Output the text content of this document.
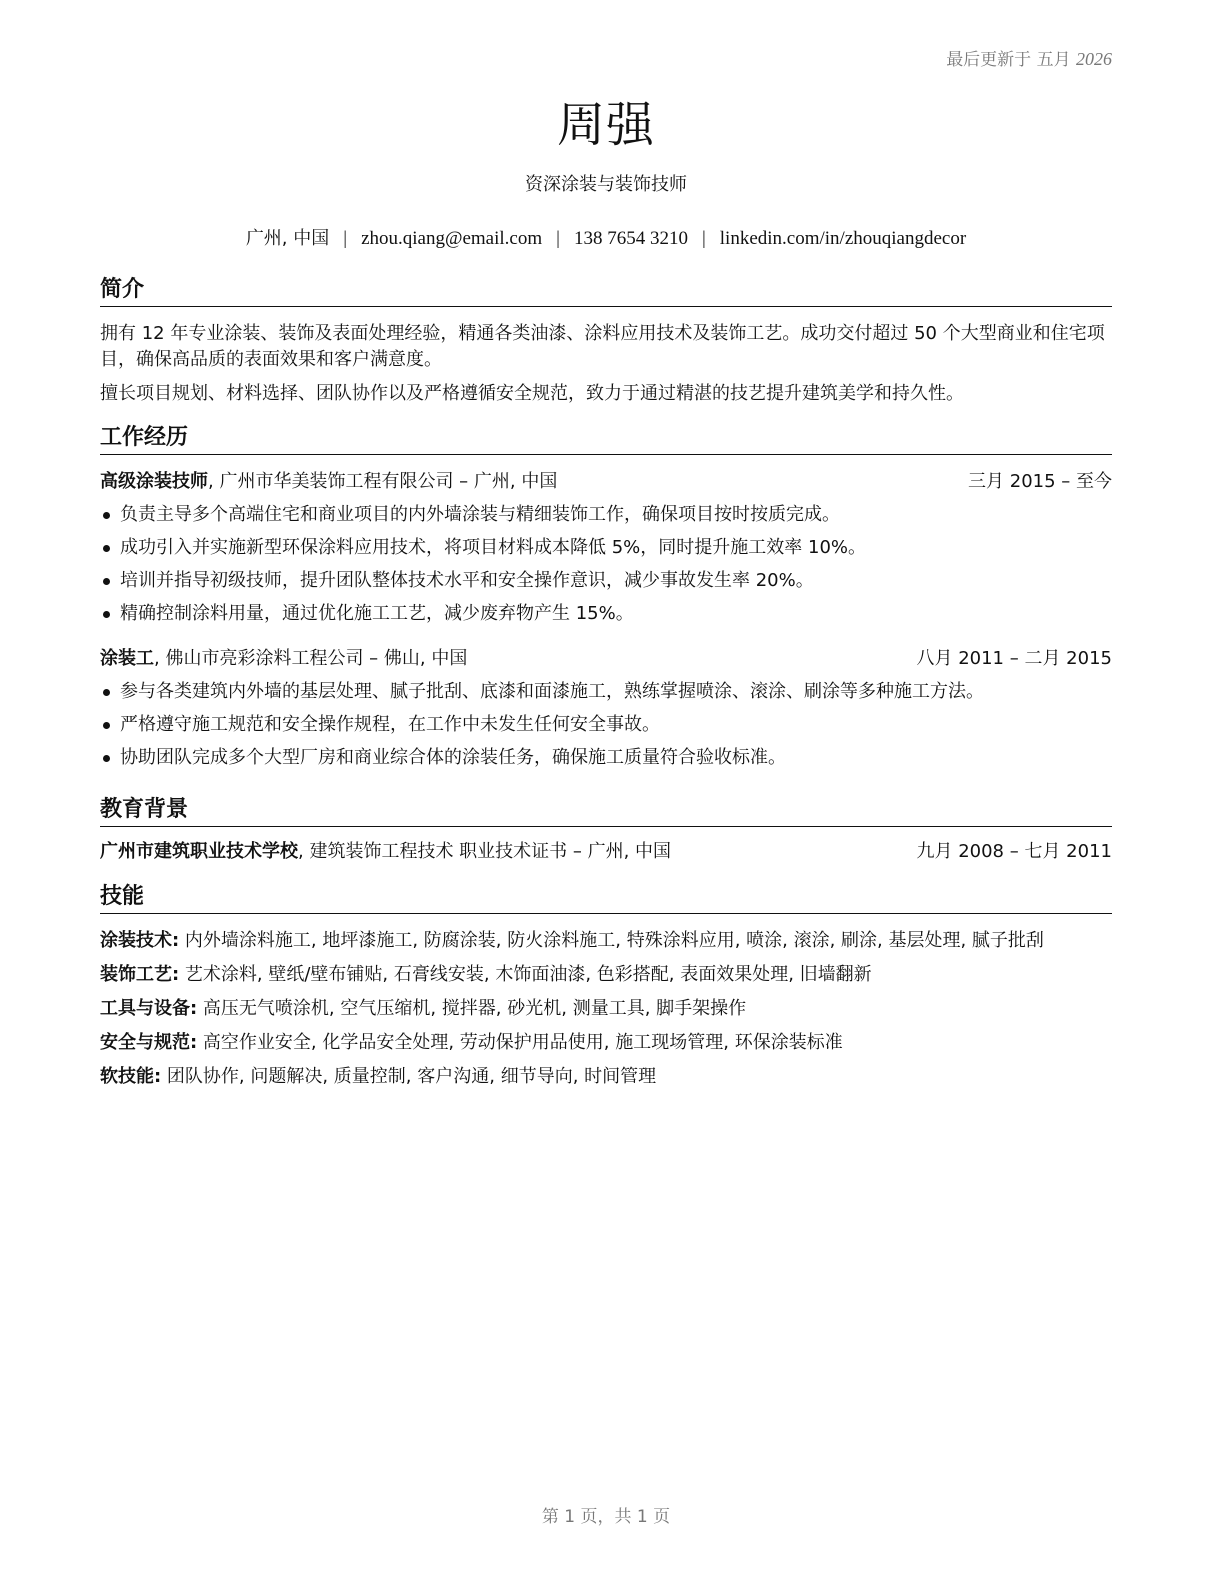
最后更新于 五月 2026
周强
资深涂装与装饰技师
广州, 中国 | zhou.qiang@email.com | 138 7654 3210 | linkedin.com/in/zhouqiangdecor
简介

拥有 12 年专业涂装、装饰及表面处理经验，精通各类油漆、涂料应用技术及装饰工艺。成功交付超过 50 个大型商业和住宅项目，确保高品质的表面效果和客户满意度。

擅长项目规划、材料选择、团队协作以及严格遵循安全规范，致力于通过精湛的技艺提升建筑美学和持久性。

工作经历
高级涂装技师, 广州市华美装饰工程有限公司 – 广州, 中国	三月 2015 – 至今
负责主导多个高端住宅和商业项目的内外墙涂装与精细装饰工作，确保项目按时按质完成。
成功引入并实施新型环保涂料应用技术，将项目材料成本降低 5%，同时提升施工效率 10%。
培训并指导初级技师，提升团队整体技术水平和安全操作意识，减少事故发生率 20%。
精确控制涂料用量，通过优化施工工艺，减少废弃物产生 15%。
涂装工, 佛山市亮彩涂料工程公司 – 佛山, 中国	八月 2011 – 二月 2015
参与各类建筑内外墙的基层处理、腻子批刮、底漆和面漆施工，熟练掌握喷涂、滚涂、刷涂等多种施工方法。
严格遵守施工规范和安全操作规程，在工作中未发生任何安全事故。
协助团队完成多个大型厂房和商业综合体的涂装任务，确保施工质量符合验收标准。
教育背景
广州市建筑职业技术学校, 建筑装饰工程技术 职业技术证书 – 广州, 中国	九月 2008 – 七月 2011
技能
涂装技术: 内外墙涂料施工, 地坪漆施工, 防腐涂装, 防火涂料施工, 特殊涂料应用, 喷涂, 滚涂, 刷涂, 基层处理, 腻子批刮
装饰工艺: 艺术涂料, 壁纸/壁布铺贴, 石膏线安装, 木饰面油漆, 色彩搭配, 表面效果处理, 旧墙翻新
工具与设备: 高压无气喷涂机, 空气压缩机, 搅拌器, 砂光机, 测量工具, 脚手架操作
安全与规范: 高空作业安全, 化学品安全处理, 劳动保护用品使用, 施工现场管理, 环保涂装标准
软技能: 团队协作, 问题解决, 质量控制, 客户沟通, 细节导向, 时间管理
第 1 页，共 1 页
